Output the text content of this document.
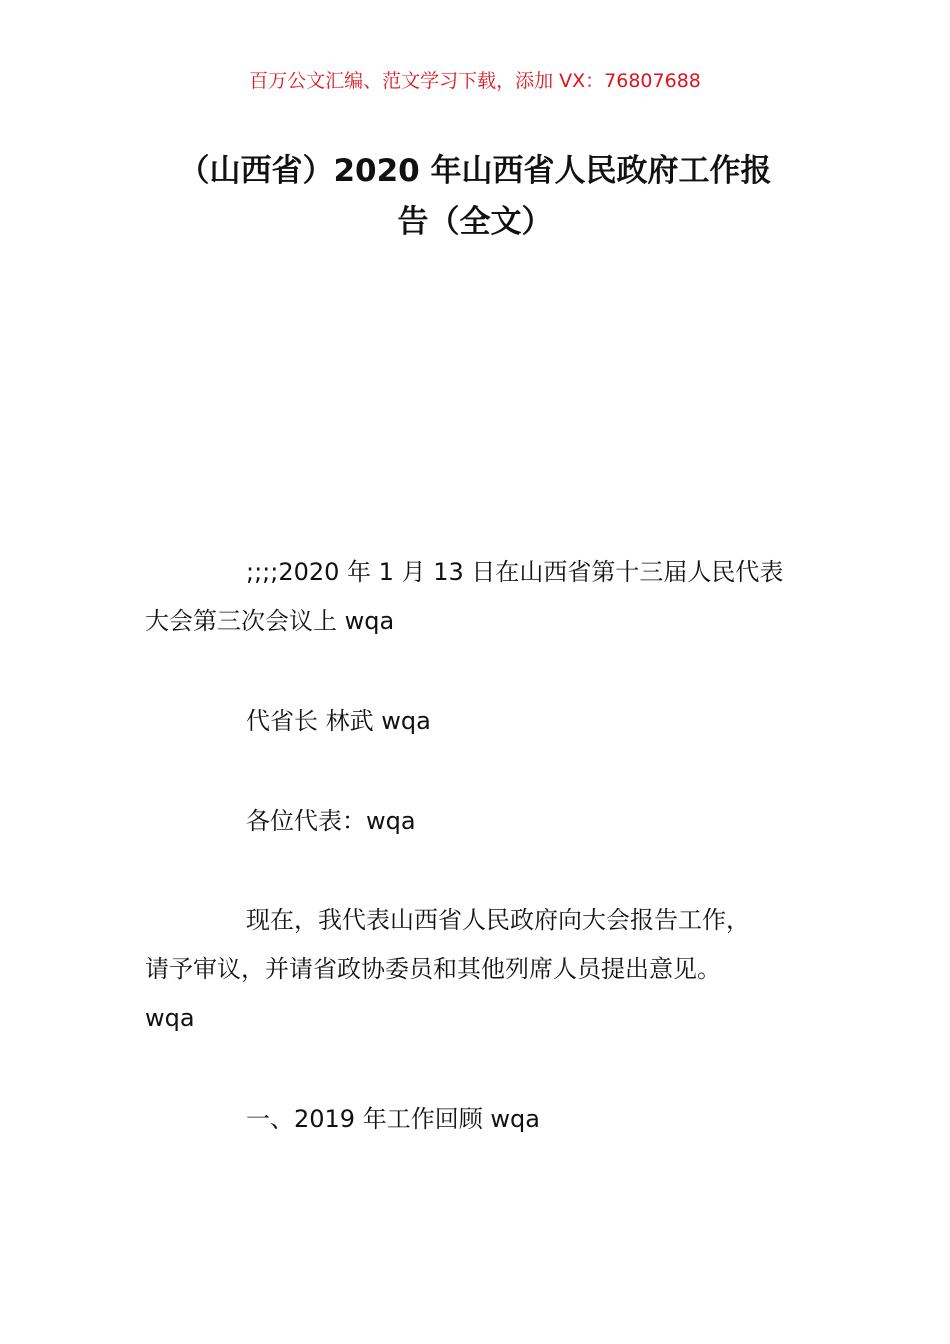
百万公文汇编、范文学习下载，添加 VX：76807688
（山西省）2020 年山西省人民政府工作报
告（全文）
;;;;2020 年 1 月 13 日在山西省第十三届人民代表
大会第三次会议上 wqa
代省长 林武 wqa
各位代表：wqa
现在，我代表山西省人民政府向大会报告工作，
请予审议，并请省政协委员和其他列席人员提出意见。
wqa
一、2019 年工作回顾 wqa
